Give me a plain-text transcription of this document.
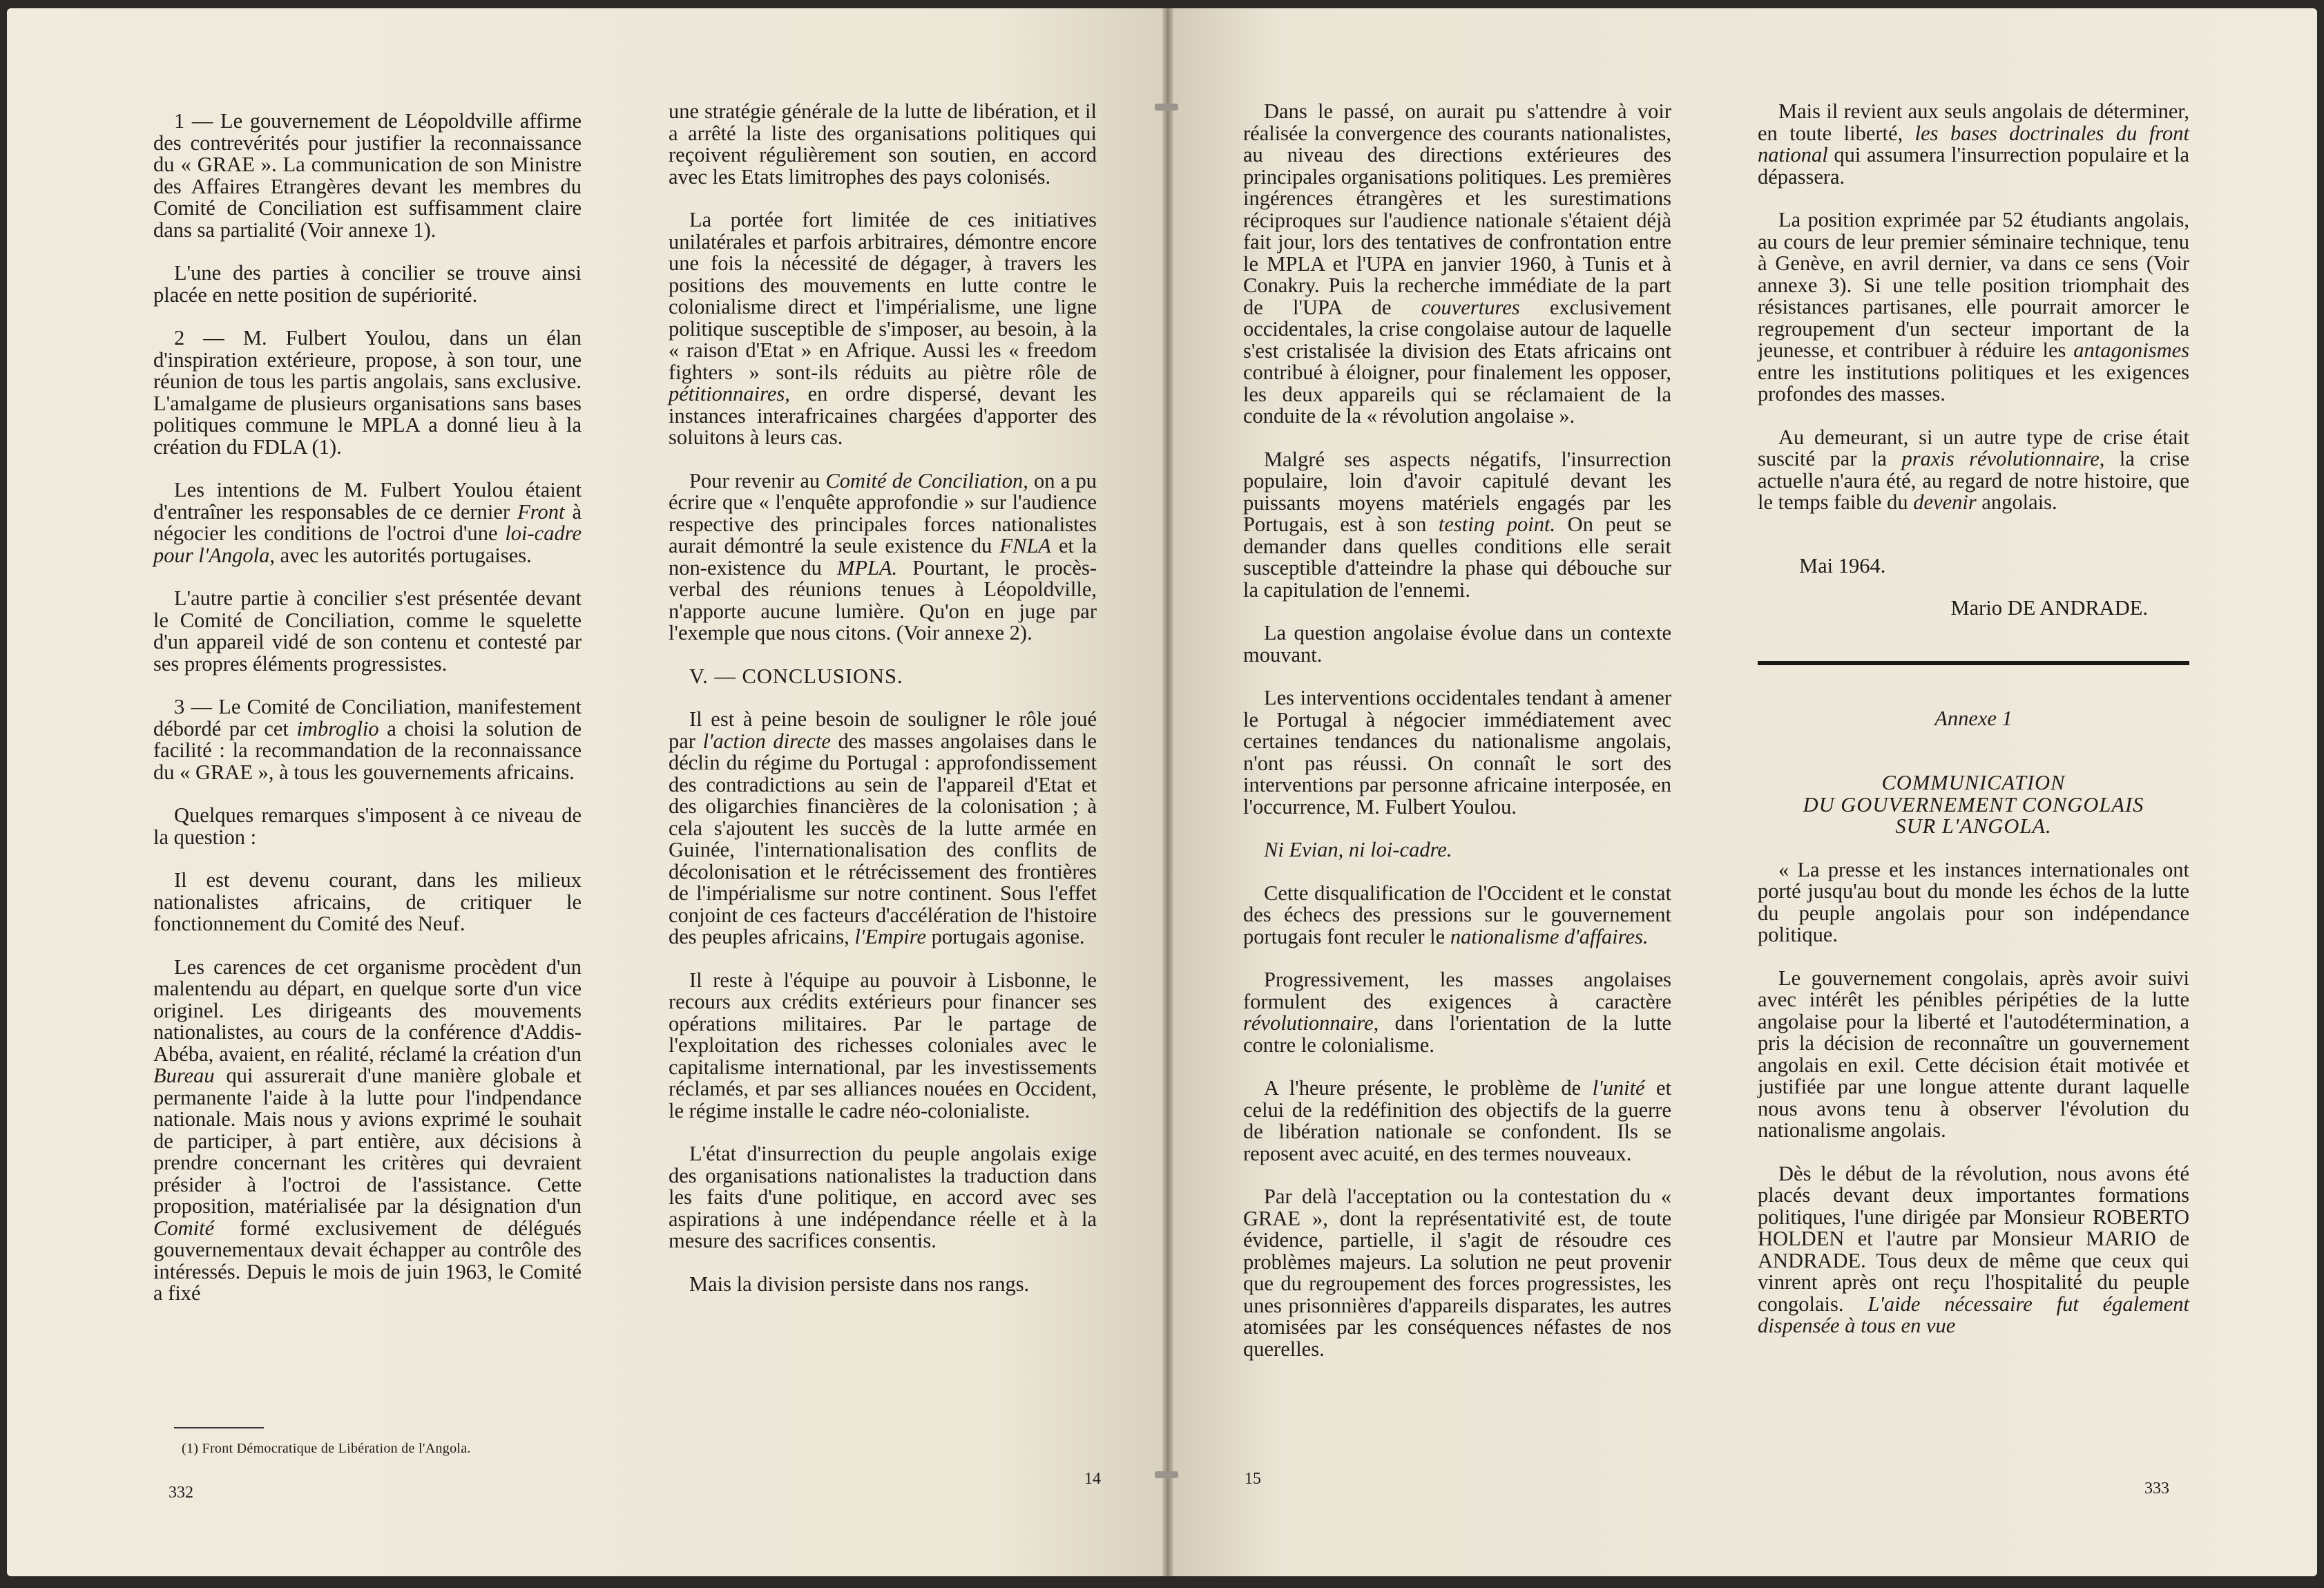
1 — Le gouvernement de Léopoldville affirme des contrevérités pour justifier la reconnaissance du « GRAE ». La communication de son Ministre des Affaires Etrangères devant les membres du Comité de Conciliation est suffisamment claire dans sa partialité (Voir annexe 1).

L'une des parties à concilier se trouve ainsi placée en nette position de supériorité.

2 — M. Fulbert Youlou, dans un élan d'inspiration extérieure, propose, à son tour, une réunion de tous les partis angolais, sans exclusive. L'amalgame de plusieurs organisations sans bases politiques commune le MPLA a donné lieu à la création du FDLA (1).

Les intentions de M. Fulbert Youlou étaient d'entraîner les responsables de ce dernier Front à négocier les conditions de l'octroi d'une loi-cadre pour l'Angola, avec les autorités portugaises.

L'autre partie à concilier s'est présentée devant le Comité de Conciliation, comme le squelette d'un appareil vidé de son contenu et contesté par ses propres éléments progressistes.

3 — Le Comité de Conciliation, manifestement débordé par cet imbroglio a choisi la solution de facilité : la recommandation de la reconnaissance du « GRAE », à tous les gouvernements africains.

Quelques remarques s'imposent à ce niveau de la question :

Il est devenu courant, dans les milieux nationalistes africains, de critiquer le fonctionnement du Comité des Neuf.

Les carences de cet organisme procèdent d'un malentendu au départ, en quelque sorte d'un vice originel. Les dirigeants des mouvements nationalistes, au cours de la conférence d'Addis-Abéba, avaient, en réalité, réclamé la création d'un Bureau qui assurerait d'une manière globale et permanente l'aide à la lutte pour l'indpendance nationale. Mais nous y avions exprimé le souhait de participer, à part entière, aux décisions à prendre concernant les critères qui devraient présider à l'octroi de l'assistance. Cette proposition, matérialisée par la désignation d'un Comité formé exclusivement de délégués gouvernementaux devait échapper au contrôle des intéressés. Depuis le mois de juin 1963, le Comité a fixé

(1) Front Démocratique de Libération de l'Angola.
332

une stratégie générale de la lutte de libération, et il a arrêté la liste des organisations politiques qui reçoivent régulièrement son soutien, en accord avec les Etats limitrophes des pays colonisés.

La portée fort limitée de ces initiatives unilatérales et parfois arbitraires, démontre encore une fois la nécessité de dégager, à travers les positions des mouvements en lutte contre le colonialisme direct et l'impérialisme, une ligne politique susceptible de s'imposer, au besoin, à la « raison d'Etat » en Afrique. Aussi les « freedom fighters » sont-ils réduits au piètre rôle de pétitionnaires, en ordre dispersé, devant les instances interafricaines chargées d'apporter des soluitons à leurs cas.

Pour revenir au Comité de Conciliation, on a pu écrire que « l'enquête approfondie » sur l'audience respective des principales forces nationalistes aurait démontré la seule existence du FNLA et la non-existence du MPLA. Pourtant, le procès-verbal des réunions tenues à Léopoldville, n'apporte aucune lumière. Qu'on en juge par l'exemple que nous citons. (Voir annexe 2).

V. — CONCLUSIONS.

Il est à peine besoin de souligner le rôle joué par l'action directe des masses angolaises dans le déclin du régime du Portugal : approfondissement des contradictions au sein de l'appareil d'Etat et des oligarchies financières de la colonisation ; à cela s'ajoutent les succès de la lutte armée en Guinée, l'internationalisation des conflits de décolonisation et le rétrécissement des frontières de l'impérialisme sur notre continent. Sous l'effet conjoint de ces facteurs d'accélération de l'histoire des peuples africains, l'Empire portugais agonise.

Il reste à l'équipe au pouvoir à Lisbonne, le recours aux crédits extérieurs pour financer ses opérations militaires. Par le partage de l'exploitation des richesses coloniales avec le capitalisme international, par les investissements réclamés, et par ses alliances nouées en Occident, le régime installe le cadre néo-colonialiste.

L'état d'insurrection du peuple angolais exige des organisations nationalistes la traduction dans les faits d'une politique, en accord avec ses aspirations à une indépendance réelle et à la mesure des sacrifices consentis.

Mais la division persiste dans nos rangs.

14

Dans le passé, on aurait pu s'attendre à voir réalisée la convergence des courants nationalistes, au niveau des directions extérieures des principales organisations politiques. Les premières ingérences étrangères et les surestimations réciproques sur l'audience nationale s'étaient déjà fait jour, lors des tentatives de confrontation entre le MPLA et l'UPA en janvier 1960, à Tunis et à Conakry. Puis la recherche immédiate de la part de l'UPA de couvertures exclusivement occidentales, la crise congolaise autour de laquelle s'est cristalisée la division des Etats africains ont contribué à éloigner, pour finalement les opposer, les deux appareils qui se réclamaient de la conduite de la « révolution angolaise ».

Malgré ses aspects négatifs, l'insurrection populaire, loin d'avoir capitulé devant les puissants moyens matériels engagés par les Portugais, est à son testing point. On peut se demander dans quelles conditions elle serait susceptible d'atteindre la phase qui débouche sur la capitulation de l'ennemi.

La question angolaise évolue dans un contexte mouvant.

Les interventions occidentales tendant à amener le Portugal à négocier immédiatement avec certaines tendances du nationalisme angolais, n'ont pas réussi. On connaît le sort des interventions par personne africaine interposée, en l'occurrence, M. Fulbert Youlou.

Ni Evian, ni loi-cadre.

Cette disqualification de l'Occident et le constat des échecs des pressions sur le gouvernement portugais font reculer le nationalisme d'affaires.

Progressivement, les masses angolaises formulent des exigences à caractère révolutionnaire, dans l'orientation de la lutte contre le colonialisme.

A l'heure présente, le problème de l'unité et celui de la redéfinition des objectifs de la guerre de libération nationale se confondent. Ils se reposent avec acuité, en des termes nouveaux.

Par delà l'acceptation ou la contestation du « GRAE », dont la représentativité est, de toute évidence, partielle, il s'agit de résoudre ces problèmes majeurs. La solution ne peut provenir que du regroupement des forces progressistes, les unes prisonnières d'appareils disparates, les autres atomisées par les conséquences néfastes de nos querelles.

15

Mais il revient aux seuls angolais de déterminer, en toute liberté, les bases doctrinales du front national qui assumera l'insurrection populaire et la dépassera.

La position exprimée par 52 étudiants angolais, au cours de leur premier séminaire technique, tenu à Genève, en avril dernier, va dans ce sens (Voir annexe 3). Si une telle position triomphait des résistances partisanes, elle pourrait amorcer le regroupement d'un secteur important de la jeunesse, et contribuer à réduire les antagonismes entre les institutions politiques et les exigences profondes des masses.

Au demeurant, si un autre type de crise était suscité par la praxis révolutionnaire, la crise actuelle n'aura été, au regard de notre histoire, que le temps faible du devenir angolais.

Mai 1964.

Mario DE ANDRADE.

Annexe 1

COMMUNICATION

DU GOUVERNEMENT CONGOLAIS

SUR L'ANGOLA.

« La presse et les instances internationales ont porté jusqu'au bout du monde les échos de la lutte du peuple angolais pour son indépendance politique.

Le gouvernement congolais, après avoir suivi avec intérêt les pénibles péripéties de la lutte angolaise pour la liberté et l'autodétermination, a pris la décision de reconnaître un gouvernement angolais en exil. Cette décision était motivée et justifiée par une longue attente durant laquelle nous avons tenu à observer l'évolution du nationalisme angolais.

Dès le début de la révolution, nous avons été placés devant deux importantes formations politiques, l'une dirigée par Monsieur ROBERTO HOLDEN et l'autre par Monsieur MARIO de ANDRADE. Tous deux de même que ceux qui vinrent après ont reçu l'hospitalité du peuple congolais. L'aide nécessaire fut également dispensée à tous en vue

333
